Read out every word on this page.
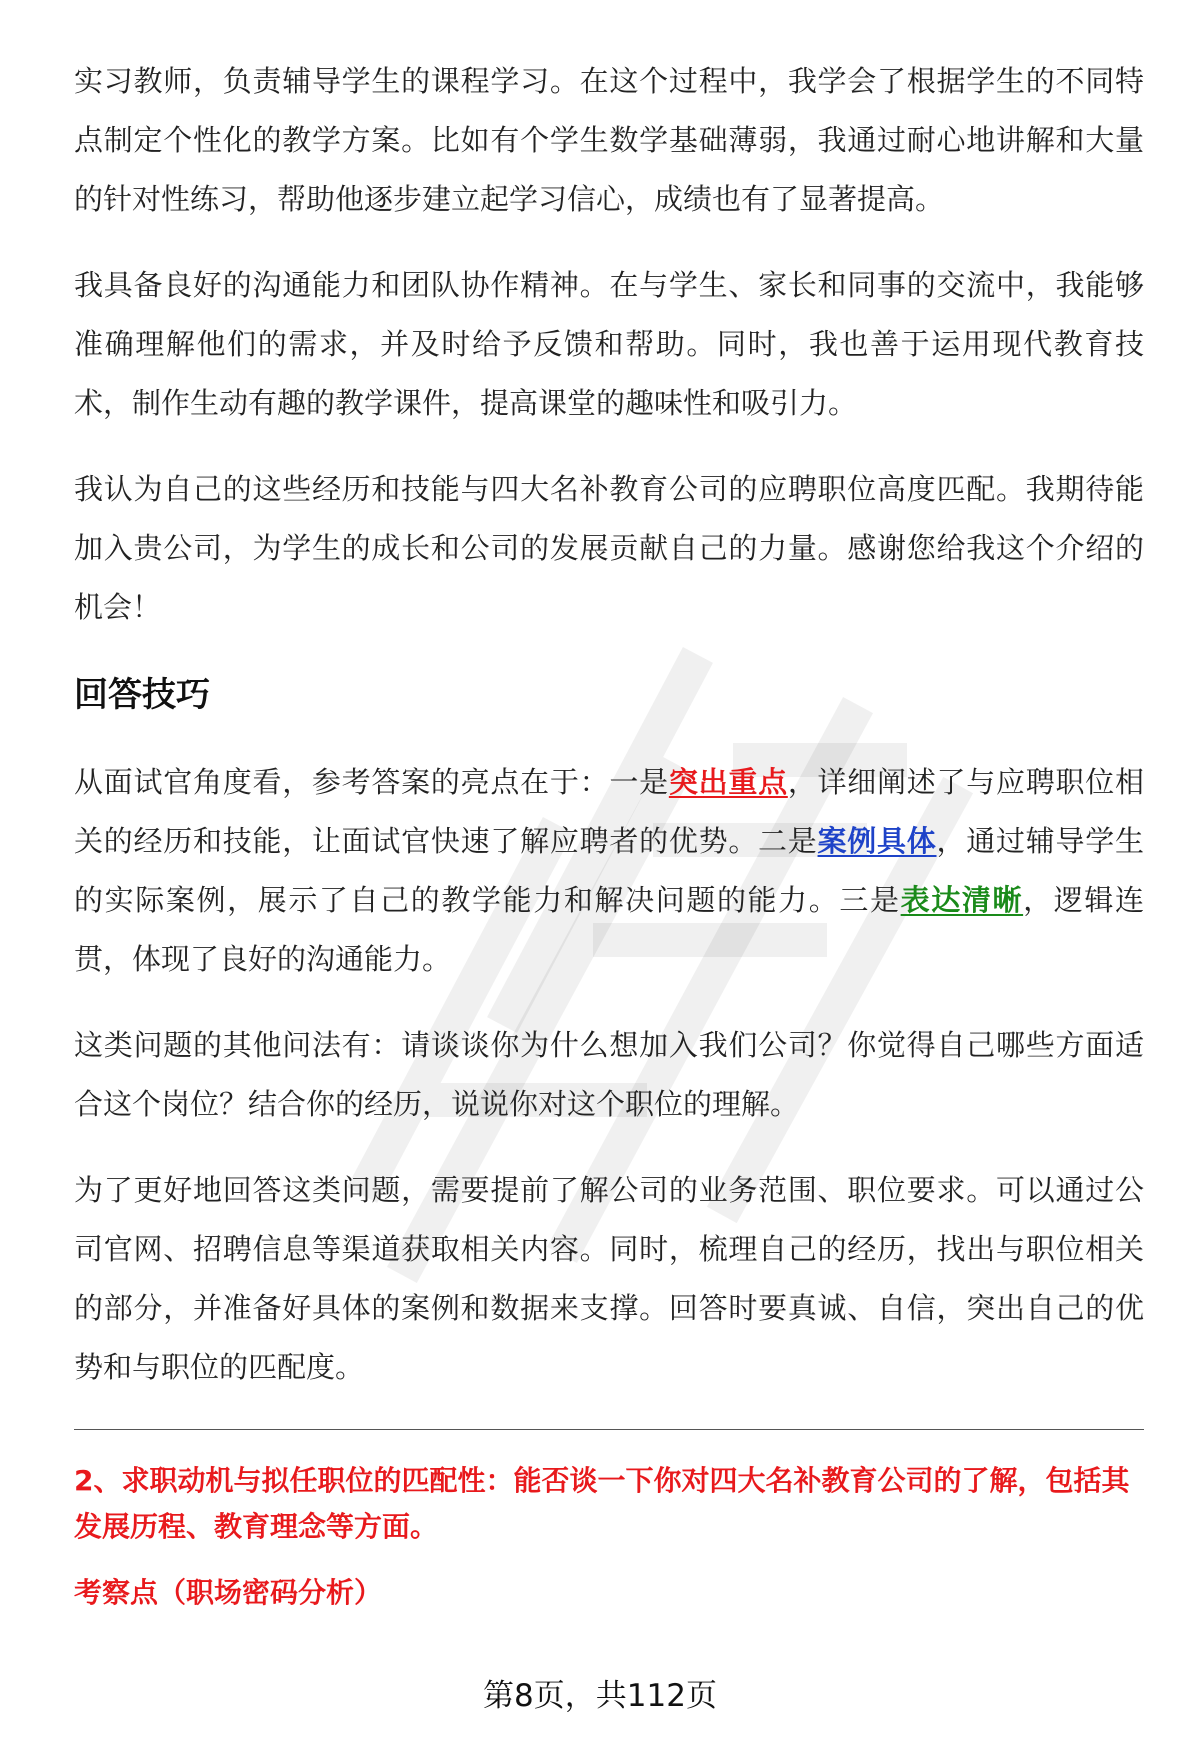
实习教师，负责辅导学生的课程学习。在这个过程中，我学会了根据学生的不同特点制定个性化的教学方案。比如有个学生数学基础薄弱，我通过耐心地讲解和大量的针对性练习，帮助他逐步建立起学习信心，成绩也有了显著提高。

我具备良好的沟通能力和团队协作精神。在与学生、家长和同事的交流中，我能够准确理解他们的需求，并及时给予反馈和帮助。同时，我也善于运用现代教育技术，制作生动有趣的教学课件，提高课堂的趣味性和吸引力。

我认为自己的这些经历和技能与四大名补教育公司的应聘职位高度匹配。我期待能加入贵公司，为学生的成长和公司的发展贡献自己的力量。感谢您给我这个介绍的机会！

回答技巧

从面试官角度看，参考答案的亮点在于：一是突出重点，详细阐述了与应聘职位相关的经历和技能，让面试官快速了解应聘者的优势。二是案例具体，通过辅导学生的实际案例，展示了自己的教学能力和解决问题的能力。三是表达清晰，逻辑连贯，体现了良好的沟通能力。

这类问题的其他问法有：请谈谈你为什么想加入我们公司？你觉得自己哪些方面适合这个岗位？结合你的经历，说说你对这个职位的理解。

为了更好地回答这类问题，需要提前了解公司的业务范围、职位要求。可以通过公司官网、招聘信息等渠道获取相关内容。同时，梳理自己的经历，找出与职位相关的部分，并准备好具体的案例和数据来支撑。回答时要真诚、自信，突出自己的优势和与职位的匹配度。

2、求职动机与拟任职位的匹配性：能否谈一下你对四大名补教育公司的了解，包括其发展历程、教育理念等方面。

考察点（职场密码分析）

第8页，共112页
